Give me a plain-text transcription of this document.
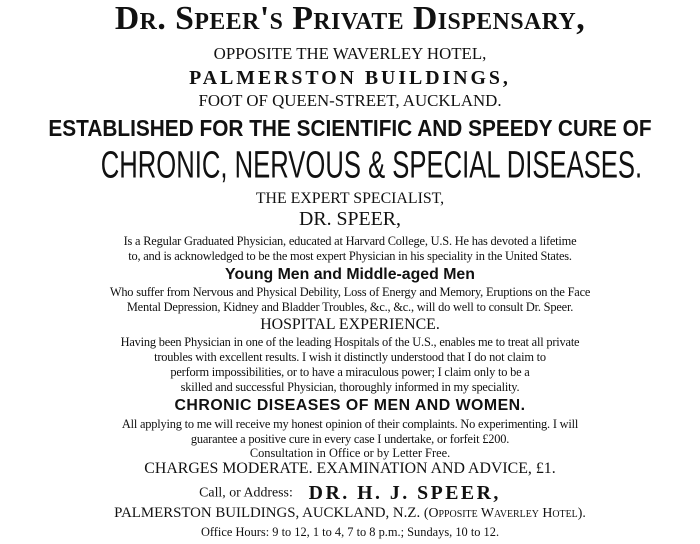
Dr. Speer's Private Dispensary,

OPPOSITE THE WAVERLEY HOTEL,

PALMERSTON BUILDINGS,

FOOT OF QUEEN-STREET, AUCKLAND.

ESTABLISHED FOR THE SCIENTIFIC AND SPEEDY CURE OF

CHRONIC, NERVOUS & SPECIAL DISEASES.

THE EXPERT SPECIALIST,

DR. SPEER,

Is a Regular Graduated Physician, educated at Harvard College, U.S. He has devoted a lifetime

to, and is acknowledged to be the most expert Physician in his speciality in the United States.

Young Men and Middle-aged Men

Who suffer from Nervous and Physical Debility, Loss of Energy and Memory, Eruptions on the Face

Mental Depression, Kidney and Bladder Troubles, &c., &c., will do well to consult Dr. Speer.

HOSPITAL EXPERIENCE.

Having been Physician in one of the leading Hospitals of the U.S., enables me to treat all private

troubles with excellent results. I wish it distinctly understood that I do not claim to

perform impossibilities, or to have a miraculous power; I claim only to be a

skilled and successful Physician, thoroughly informed in my speciality.

CHRONIC DISEASES OF MEN AND WOMEN.

All applying to me will receive my honest opinion of their complaints. No experimenting. I will

guarantee a positive cure in every case I undertake, or forfeit £200.

Consultation in Office or by Letter Free.

CHARGES MODERATE. EXAMINATION AND ADVICE, £1.

Call, or Address: DR. H. J. SPEER,
PALMERSTON BUILDINGS, AUCKLAND, N.Z. (Opposite Waverley Hotel).

Office Hours: 9 to 12, 1 to 4, 7 to 8 p.m.; Sundays, 10 to 12.
